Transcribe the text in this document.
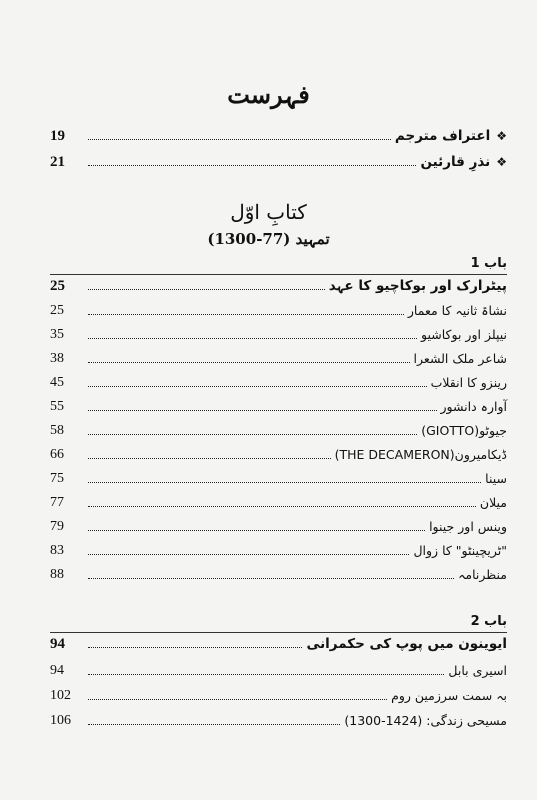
فہرست
19	اعتراف مترجم ❖
21	نذرِ قارئین ❖
کتابِ اوّل
تمہید (77-1300)
باب 1
25	پیٹرارک اور بوکاچیو کا عہد
25	نشاۃ ثانیہ کا معمار
35	نیپلز اور بوکاشیو
38	شاعر ملک الشعرا
45	رینزو کا انقلاب
55	آوارہ دانشور
58	جیوٹو(GIOTTO)
66	ڈیکامیرون(THE DECAMERON)
75	سینا
77	میلان
79	وینس اور جینوا
83	"ٹریچینٹو" کا زوال
88	منظرنامہ
باب 2
94	ایوینون میں پوپ کی حکمرانی
94	اسیری بابل
102	بہ سمت سرزمین روم
106	مسیحی زندگی: (1424-1300)
